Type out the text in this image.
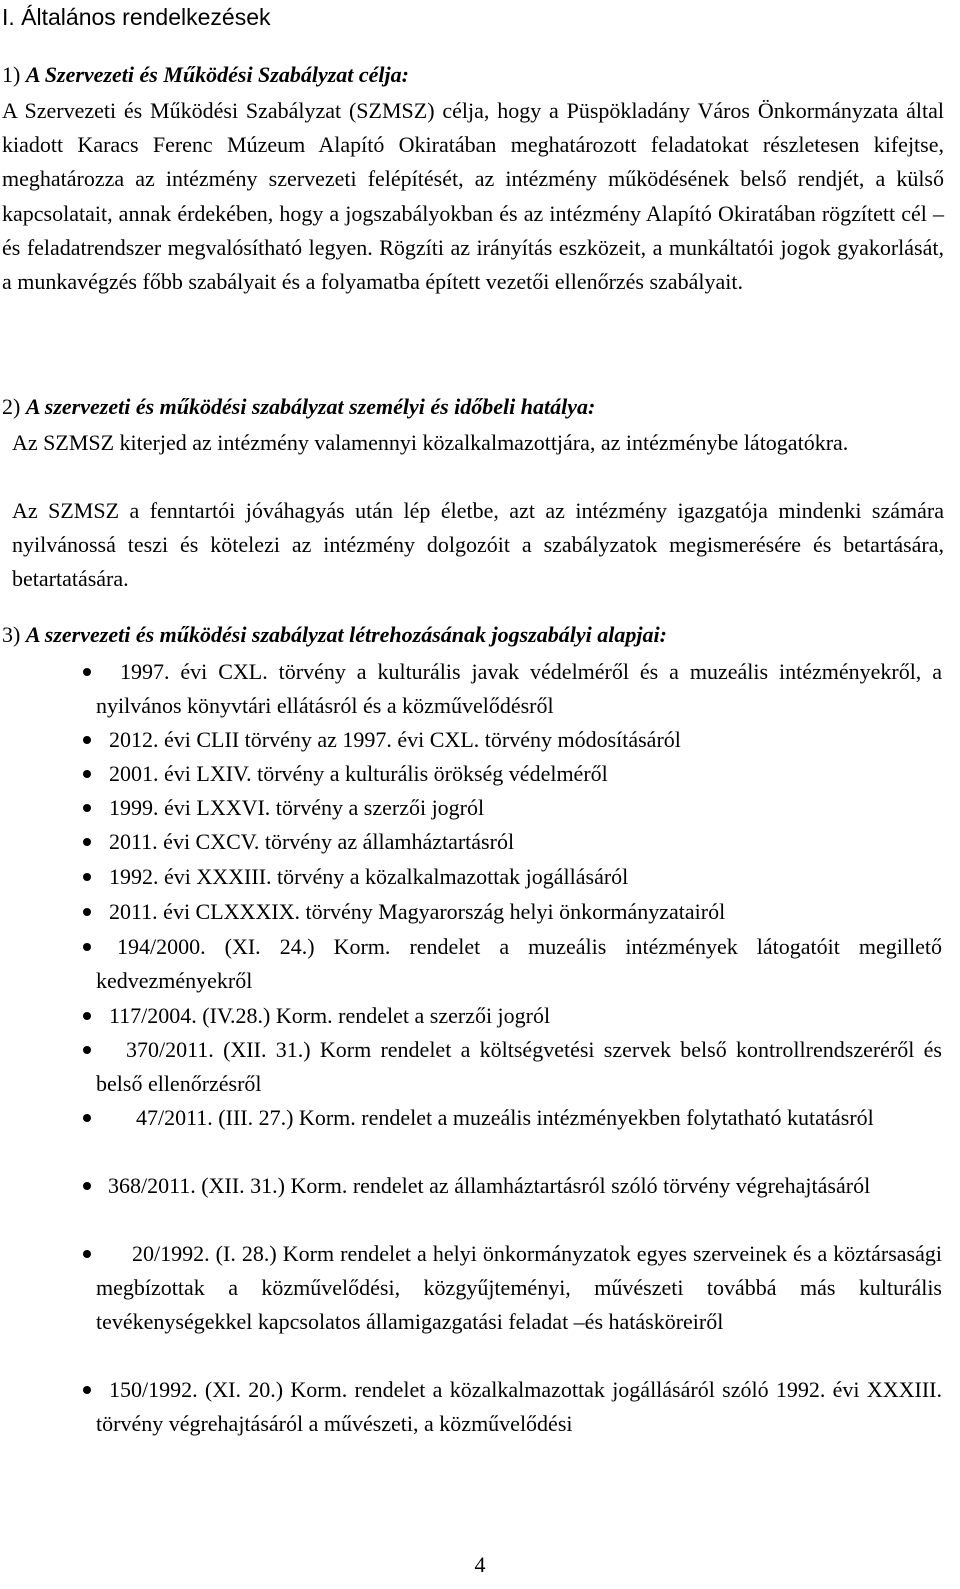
I. Általános rendelkezések
1) A Szervezeti és Működési Szabályzat célja:

A Szervezeti és Működési Szabályzat (SZMSZ) célja, hogy a Püspökladány Város Önkormányzata által kiadott Karacs Ferenc Múzeum Alapító Okiratában meghatározott feladatokat részletesen kifejtse, meghatározza az intézmény szervezeti felépítését, az intézmény működésének belső rendjét, a külső kapcsolatait, annak érdekében, hogy a jogszabályokban és az intézmény Alapító Okiratában rögzített cél – és feladatrendszer megvalósítható legyen. Rögzíti az irányítás eszközeit, a munkáltatói jogok gyakorlását, a munkavégzés főbb szabályait és a folyamatba épített vezetői ellenőrzés szabályait.

2) A szervezeti és működési szabályzat személyi és időbeli hatálya:

Az SZMSZ kiterjed az intézmény valamennyi közalkalmazottjára, az intézménybe látogatókra.

Az SZMSZ a fenntartói jóváhagyás után lép életbe, azt az intézmény igazgatója mindenki számára nyilvánossá teszi és kötelezi az intézmény dolgozóit a szabályzatok megismerésére és betartására, betartatására.

3) A szervezeti és működési szabályzat létrehozásának jogszabályi alapjai:
1997. évi CXL. törvény a kulturális javak védelméről és a muzeális intézményekről, a nyilvános könyvtári ellátásról és a közművelődésről
2012. évi CLII törvény az 1997. évi CXL. törvény módosításáról
2001. évi LXIV. törvény a kulturális örökség védelméről
1999. évi LXXVI. törvény a szerzői jogról
2011. évi CXCV. törvény az államháztartásról
1992. évi XXXIII. törvény a közalkalmazottak jogállásáról
2011. évi CLXXXIX. törvény Magyarország helyi önkormányzatairól
194/2000. (XI. 24.) Korm. rendelet a muzeális intézmények látogatóit megillető kedvezményekről
117/2004. (IV.28.) Korm. rendelet a szerzői jogról
370/2011. (XII. 31.) Korm rendelet a költségvetési szervek belső kontrollrendszeréről és belső ellenőrzésről
47/2011. (III. 27.) Korm. rendelet a muzeális intézményekben folytatható kutatásról
368/2011. (XII. 31.) Korm. rendelet az államháztartásról szóló törvény végrehajtásáról
20/1992. (I. 28.) Korm rendelet a helyi önkormányzatok egyes szerveinek és a köztársasági megbízottak a közművelődési, közgyűjteményi, művészeti továbbá más kulturális tevékenységekkel kapcsolatos államigazgatási feladat –és hatásköreiről
150/1992. (XI. 20.) Korm. rendelet a közalkalmazottak jogállásáról szóló 1992. évi XXXIII. törvény végrehajtásáról a művészeti, a közművelődési
4
